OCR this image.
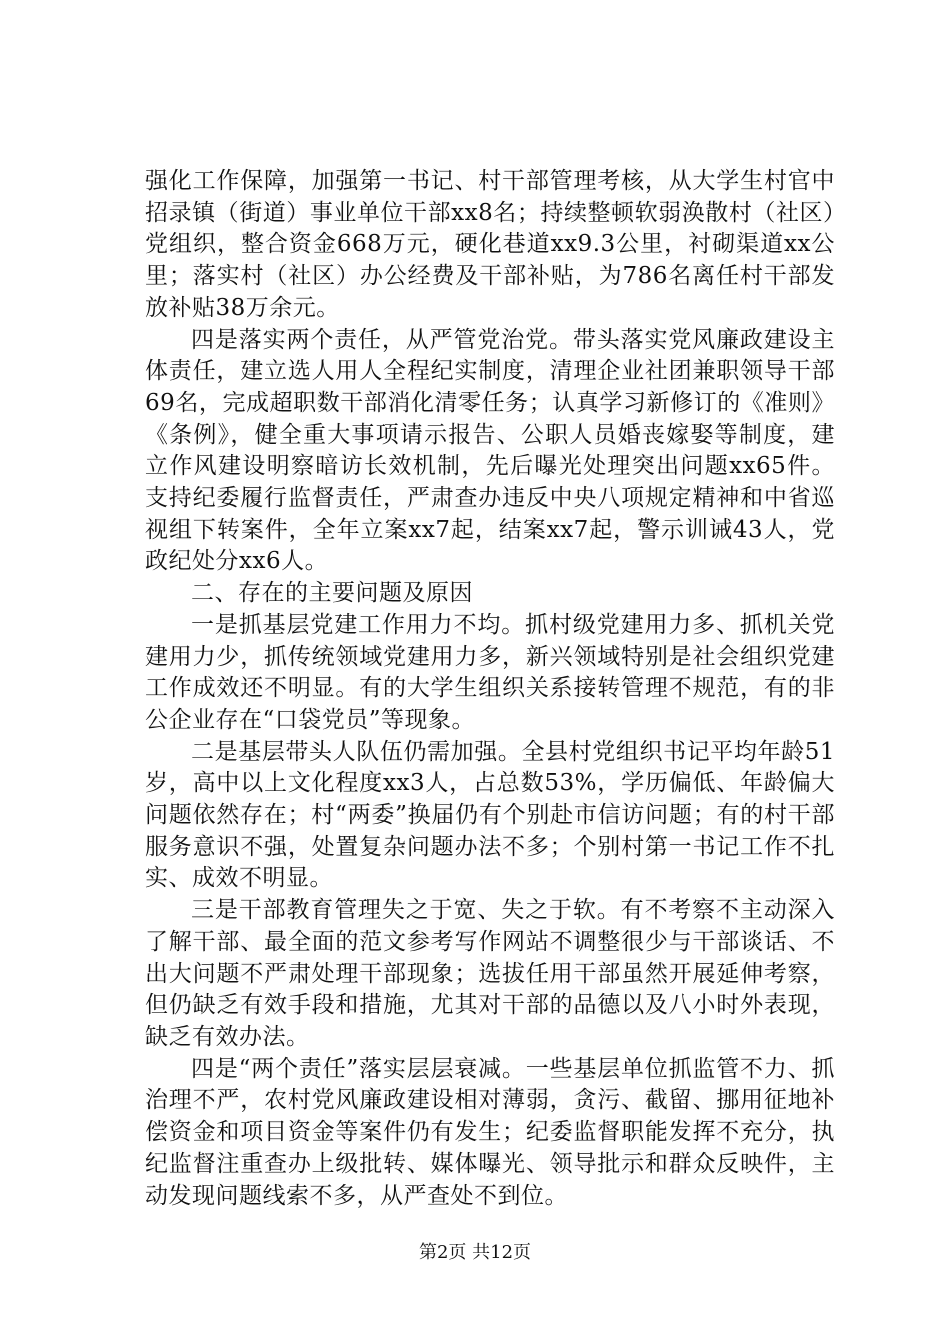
强化工作保障，加强第一书记、村干部管理考核，从大学生村官中招录镇（街道）事业单位干部xx8名；持续整顿软弱涣散村（社区）党组织，整合资金668万元，硬化巷道xx9.3公里，衬砌渠道xx公里；落实村（社区）办公经费及干部补贴，为786名离任村干部发放补贴38万余元。

四是落实两个责任，从严管党治党。带头落实党风廉政建设主体责任，建立选人用人全程纪实制度，清理企业社团兼职领导干部69名，完成超职数干部消化清零任务；认真学习新修订的《准则》《条例》，健全重大事项请示报告、公职人员婚丧嫁娶等制度，建立作风建设明察暗访长效机制，先后曝光处理突出问题xx65件。支持纪委履行监督责任，严肃查办违反中央八项规定精神和中省巡视组下转案件，全年立案xx7起，结案xx7起，警示训诫43人，党政纪处分xx6人。

二、存在的主要问题及原因

一是抓基层党建工作用力不均。抓村级党建用力多、抓机关党建用力少，抓传统领域党建用力多，新兴领域特别是社会组织党建工作成效还不明显。有的大学生组织关系接转管理不规范，有的非公企业存在“口袋党员”等现象。

二是基层带头人队伍仍需加强。全县村党组织书记平均年龄51岁，高中以上文化程度xx3人，占总数53%，学历偏低、年龄偏大问题依然存在；村“两委”换届仍有个别赴市信访问题；有的村干部服务意识不强，处置复杂问题办法不多；个别村第一书记工作不扎实、成效不明显。

三是干部教育管理失之于宽、失之于软。有不考察不主动深入了解干部、最全面的范文参考写作网站不调整很少与干部谈话、不出大问题不严肃处理干部现象；选拔任用干部虽然开展延伸考察，但仍缺乏有效手段和措施，尤其对干部的品德以及八小时外表现，缺乏有效办法。

四是“两个责任”落实层层衰减。一些基层单位抓监管不力、抓治理不严，农村党风廉政建设相对薄弱，贪污、截留、挪用征地补偿资金和项目资金等案件仍有发生；纪委监督职能发挥不充分，执纪监督注重查办上级批转、媒体曝光、领导批示和群众反映件，主动发现问题线索不多，从严查处不到位。

第2页 共12页
